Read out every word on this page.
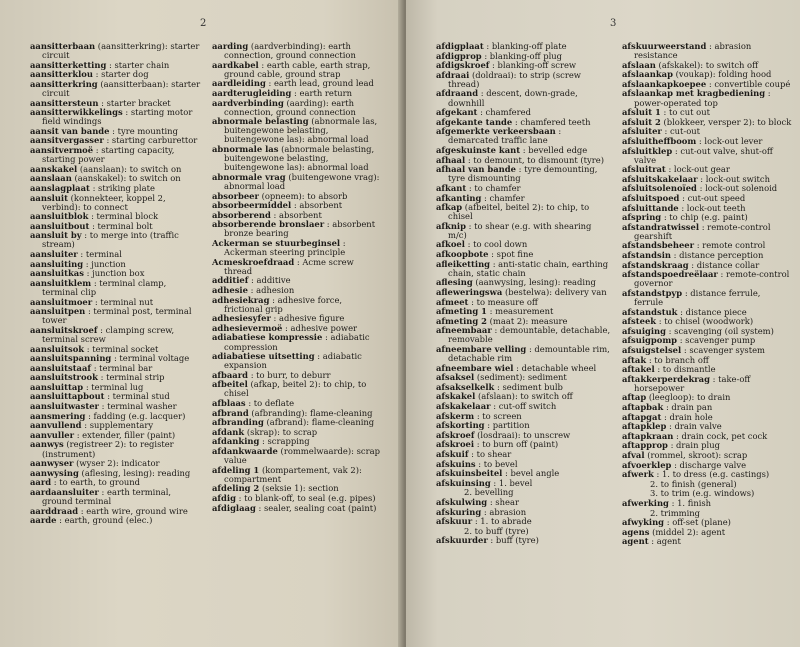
2
aansitterbaan (aansitterkring): starter circuit
aansitterketting : starter chain
aansitterklou : starter dog
aansitterkring (aansitterbaan): starter circuit
aansittersteun : starter bracket
aansitterwikkelings : starting motor field windings
aansit van bande : tyre mounting
aansitvergasser : starting carburettor
aansitvermoë : starting capacity, starting power
aanskakel (aanslaan): to switch on
aanslaan (aanskakel): to switch on
aanslagplaat : striking plate
aansluit (konnekteer, koppel 2, verbind): to connect
aansluitblok : terminal block
aansluitbout : terminal bolt
aansluit by : to merge into (traffic stream)
aansluiter : terminal
aansluiting : junction
aansluitkas : junction box
aansluitklem : terminal clamp, terminal clip
aansluitmoer : terminal nut
aansluitpen : terminal post, terminal tower
aansluitskroef : clamping screw, terminal screw
aansluitsok : terminal socket
aansluitspanning : terminal voltage
aansluitstaaf : terminal bar
aansluitstrook : terminal strip
aansluittap : terminal lug
aansluittapbout : terminal stud
aansluitwaster : terminal washer
aansmering : fadding (e.g. lacquer)
aanvullend : supplementary
aanvuller : extender, filler (paint)
aanwys (registreer 2): to register (instrument)
aanwyser (wyser 2): indicator
aanwysing (aflesing, lesing): reading
aard : to earth, to ground
aardaansluiter : earth terminal, ground terminal
aarddraad : earth wire, ground wire
aarde : earth, ground (elec.)
aarding (aardverbinding): earth connection, ground connection
aardkabel : earth cable, earth strap, ground cable, ground strap
aardleiding : earth lead, ground lead
aardterugleiding : earth return
aardverbinding (aarding): earth connection, ground connection
abnormale belasting (abnormale las, buitengewone belasting, buitengewone las): abnormal load
abnormale las (abnormale belasting, buitengewone belasting, buitengewone las): abnormal load
abnormale vrag (buitengewone vrag): abnormal load
absorbeer (opneem): to absorb
absorbeermiddel : absorbent
absorberend : absorbent
absorberende bronslaer : absorbent bronze bearing
Ackerman se stuurbeginsel : Ackerman steering principle
Acmeskroefdraad : Acme screw thread
additief : additive
adhesie : adhesion
adhesiekrag : adhesive force, frictional grip
adhesiesyfer : adhesive figure
adhesievermoë : adhesive power
adiabatiese kompressie : adiabatic compression
adiabatiese uitsetting : adiabatic expansion
afbaard : to burr, to deburr
afbeitel (afkap, beitel 2): to chip, to chisel
afblaas : to deflate
afbrand (afbranding): flame-cleaning
afbranding (afbrand): flame-cleaning
afdank (skrap): to scrap
afdanking : scrapping
afdankwaarde (rommelwaarde): scrap value
afdeling 1 (kompartement, vak 2): compartment
afdeling 2 (seksie 1): section
afdig : to blank-off, to seal (e.g. pipes)
afdiglaag : sealer, sealing coat (paint)
3
afdigplaat : blanking-off plate
afdigprop : blanking-off plug
afdigskroef : blanking-off screw
afdraai (doldraai): to strip (screw thread)
afdraand : descent, down-grade, downhill
afgekant : chamfered
afgekante tande : chamfered teeth
afgemerkte verkeersbaan : demarcated traffic lane
afgeskuinste kant : bevelled edge
afhaal : to demount, to dismount (tyre)
afhaal van bande : tyre demounting, tyre dismounting
afkant : to chamfer
afkanting : chamfer
afkap (afbeitel, beitel 2): to chip, to chisel
afknip : to shear (e.g. with shearing m/c)
afkoel : to cool down
afkoopbote : spot fine
afleiketting : anti-static chain, earthing chain, static chain
aflesing (aanwysing, lesing): reading
afleweringswa (bestelwa): delivery van
afmeet : to measure off
afmeting 1 : measurement
afmeting 2 (maat 2): measure
afneembaar : demountable, detachable, removable
afneembare velling : demountable rim, detachable rim
afneembare wiel : detachable wheel
afsaksel (sediment): sediment
afsakselkelk : sediment bulb
afskakel (afslaan): to switch off
afskakelaar : cut-off switch
afskerm : to screen
afskorting : partition
afskroef (losdraai): to unscrew
afskroei : to burn off (paint)
afskuif : to shear
afskuins : to bevel
afskuinsbeitel : bevel angle
afskuinsing : 1. bevel
2. bevelling
afskulwing : shear
afskuring : abrasion
afskuur : 1. to abrade
2. to buff (tyre)
afskuurder : buff (tyre)
afskuurweerstand : abrasion resistance
afslaan (afskakel): to switch off
afslaankap (voukap): folding hood
afslaankapkoepee : convertible coupé
afslaankap met kragbediening : power-operated top
afsluit 1 : to cut out
afsluit 2 (blokkeer, versper 2): to block
afsluiter : cut-out
afsluitheffboom : lock-out lever
afsluitklep : cut-out valve, shut-off valve
afsluitrat : lock-out gear
afsluitskakelaar : lock-out switch
afsluitsolenoïed : lock-out solenoid
afsluitspoed : cut-out speed
afsluittande : lock-out teeth
afspring : to chip (e.g. paint)
afstandratwissel : remote-control gearshift
afstandsbeheer : remote control
afstandsin : distance perception
afstandskraag : distance collar
afstandspoedreëlaar : remote-control governor
afstandstpyp : distance ferrule, ferrule
afstandstuk : distance piece
afsteek : to chisel (woodwork)
afsuiging : scavenging (oil system)
afsuigpomp : scavenger pump
afsuigstelsel : scavenger system
aftak : to branch off
aftakel : to dismantle
aftakkerperdekrag : take-off horsepower
aftap (leegloop): to drain
aftapbak : drain pan
aftapgat : drain hole
aftapklep : drain valve
aftapkraan : drain cock, pet cock
aftapprop : drain plug
afval (rommel, skroot): scrap
afvoerklep : discharge valve
afwerk : 1. to dress (e.g. castings)
2. to finish (general)
3. to trim (e.g. windows)
afwerking : 1. finish
2. trimming
afwyking : off-set (plane)
agens (middel 2): agent
agent : agent
